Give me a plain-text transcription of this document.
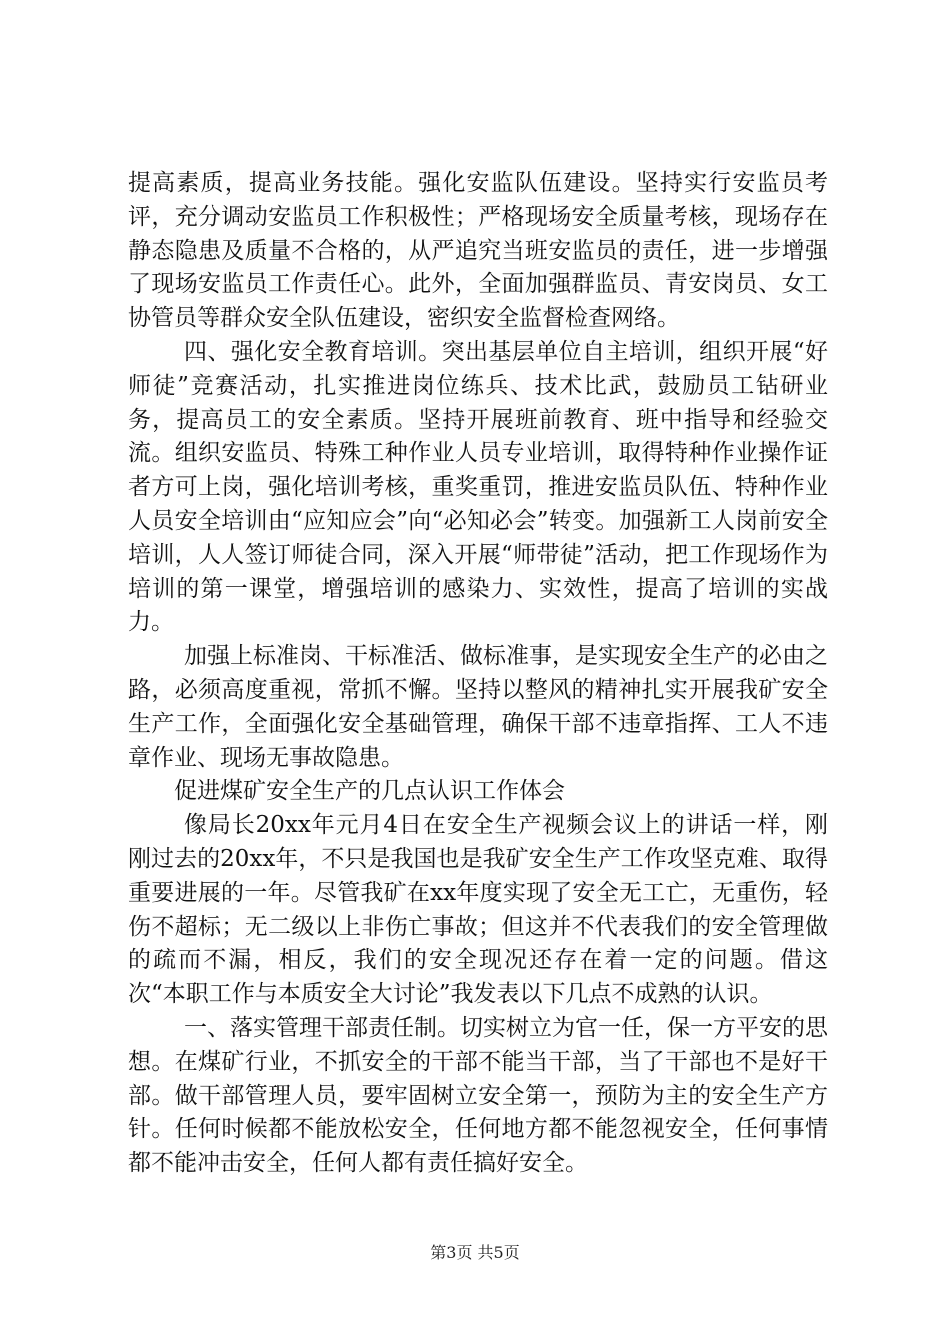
提高素质，提高业务技能。强化安监队伍建设。坚持实行安监员考评，充分调动安监员工作积极性；严格现场安全质量考核，现场存在静态隐患及质量不合格的，从严追究当班安监员的责任，进一步增强了现场安监员工作责任心。此外，全面加强群监员、青安岗员、女工协管员等群众安全队伍建设，密织安全监督检查网络。

四、强化安全教育培训。突出基层单位自主培训，组织开展“好师徒”竞赛活动，扎实推进岗位练兵、技术比武，鼓励员工钻研业务，提高员工的安全素质。坚持开展班前教育、班中指导和经验交流。组织安监员、特殊工种作业人员专业培训，取得特种作业操作证者方可上岗，强化培训考核，重奖重罚，推进安监员队伍、特种作业人员安全培训由“应知应会”向“必知必会”转变。加强新工人岗前安全培训，人人签订师徒合同，深入开展“师带徒”活动，把工作现场作为培训的第一课堂，增强培训的感染力、实效性，提高了培训的实战力。

加强上标准岗、干标准活、做标准事，是实现安全生产的必由之路，必须高度重视，常抓不懈。坚持以整风的精神扎实开展我矿安全生产工作，全面强化安全基础管理，确保干部不违章指挥、工人不违章作业、现场无事故隐患。

促进煤矿安全生产的几点认识工作体会

像局长20xx年元月4日在安全生产视频会议上的讲话一样，刚刚过去的20xx年，不只是我国也是我矿安全生产工作攻坚克难、取得重要进展的一年。尽管我矿在xx年度实现了安全无工亡，无重伤，轻伤不超标；无二级以上非伤亡事故；但这并不代表我们的安全管理做的疏而不漏，相反，我们的安全现况还存在着一定的问题。借这次“本职工作与本质安全大讨论”我发表以下几点不成熟的认识。

一、落实管理干部责任制。切实树立为官一任，保一方平安的思想。在煤矿行业，不抓安全的干部不能当干部，当了干部也不是好干部。做干部管理人员，要牢固树立安全第一，预防为主的安全生产方针。任何时候都不能放松安全，任何地方都不能忽视安全，任何事情都不能冲击安全，任何人都有责任搞好安全。

第3页 共5页
